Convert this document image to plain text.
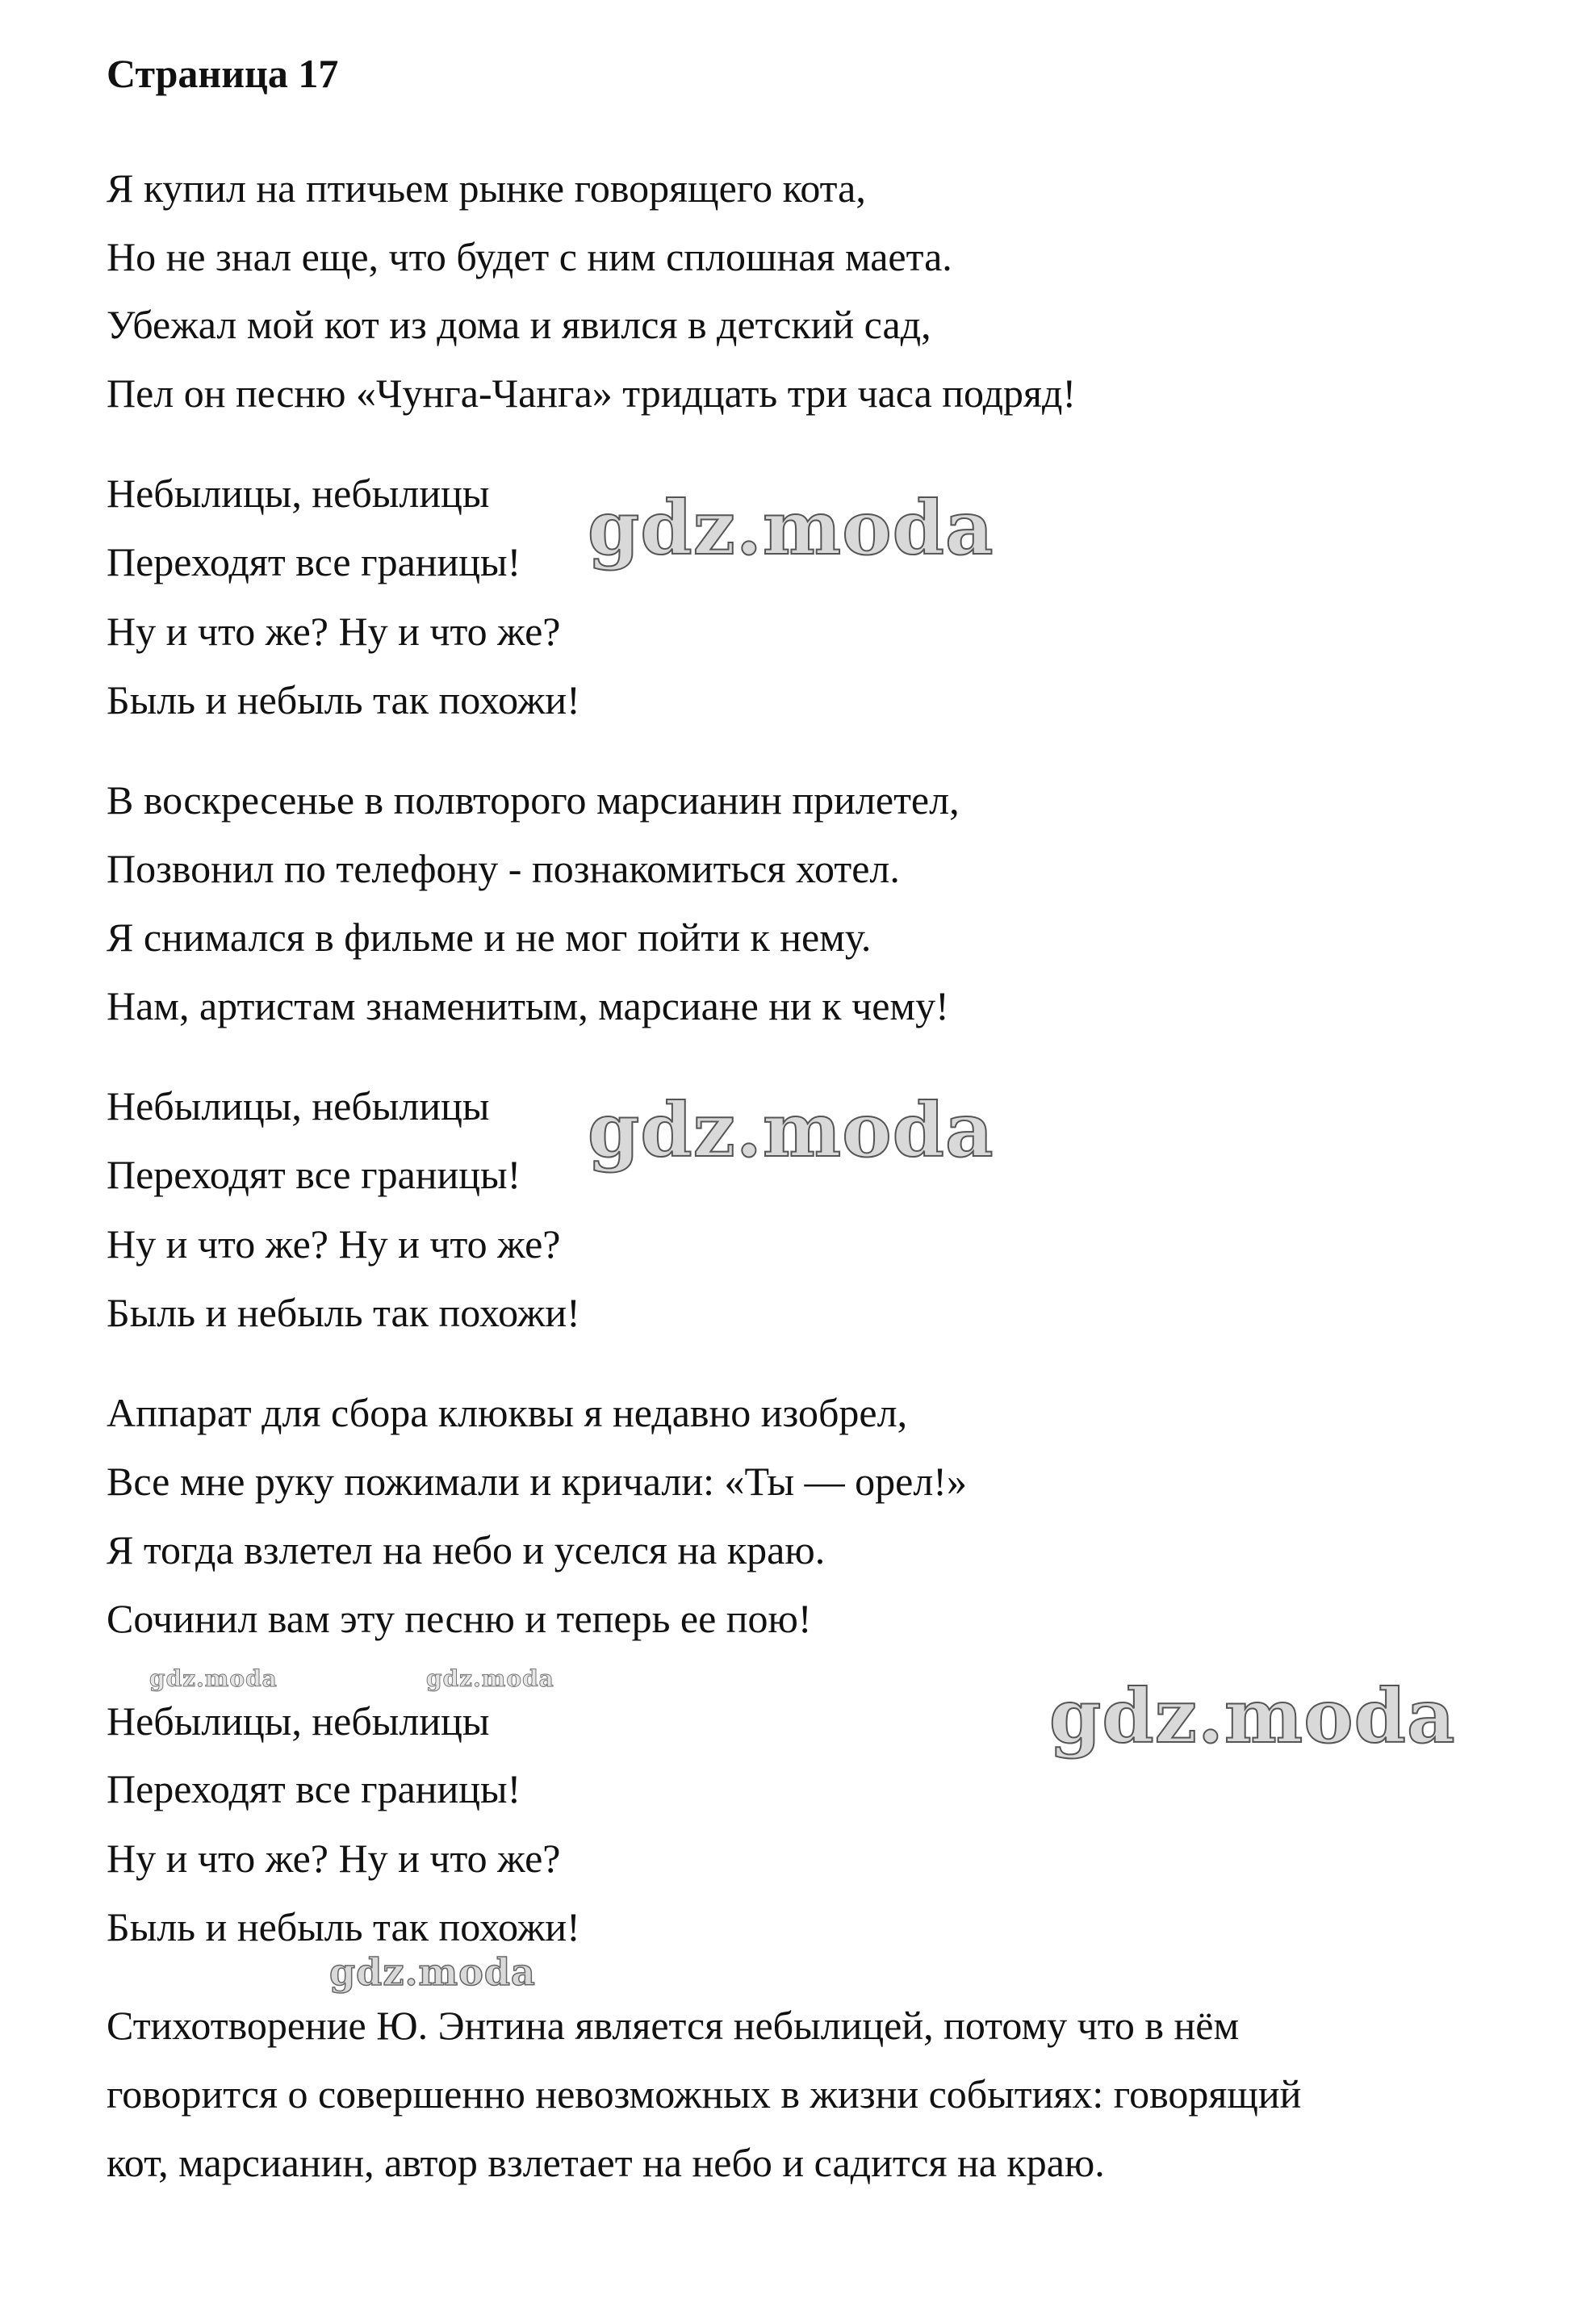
Страница 17
Я купил на птичьем рынке говорящего кота,
Но не знал еще, что будет с ним сплошная маета.
Убежал мой кот из дома и явился в детский сад,
Пел он песню «Чунга-Чанга» тридцать три часа подряд!
Небылицы, небылицы
Переходят все границы!
Ну и что же? Ну и что же?
Быль и небыль так похожи!
В воскресенье в полвторого марсианин прилетел,
Позвонил по телефону - познакомиться хотел.
Я снимался в фильме и не мог пойти к нему.
Нам, артистам знаменитым, марсиане ни к чему!
Небылицы, небылицы
Переходят все границы!
Ну и что же? Ну и что же?
Быль и небыль так похожи!
Аппарат для сбора клюквы я недавно изобрел,
Все мне руку пожимали и кричали: «Ты — орел!»
Я тогда взлетел на небо и уселся на краю.
Сочинил вам эту песню и теперь ее пою!
Небылицы, небылицы
Переходят все границы!
Ну и что же? Ну и что же?
Быль и небыль так похожи!
Стихотворение Ю. Энтина является небылицей, потому что в нём
говорится о совершенно невозможных в жизни событиях: говорящий
кот, марсианин, автор взлетает на небо и садится на краю.
gdz.moda
gdz.moda
gdz.moda
gdz.moda	gdz.moda
gdz.moda
